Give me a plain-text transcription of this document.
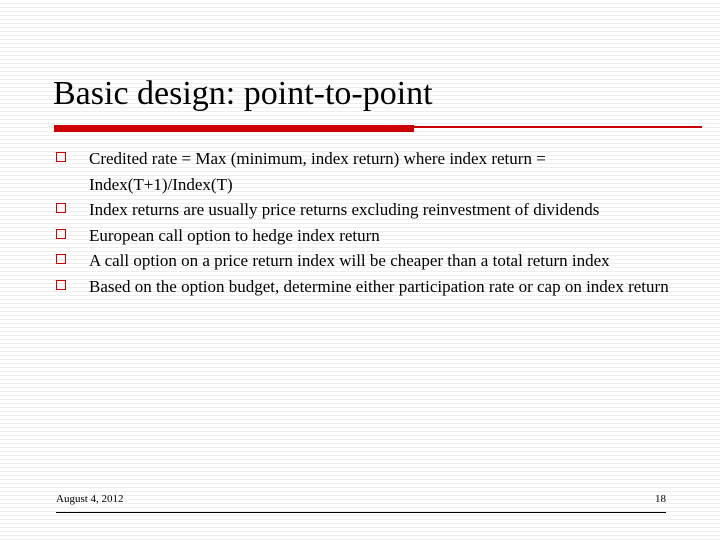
Basic design: point-to-point
Credited rate = Max (minimum, index return) where index return = Index(T+1)/Index(T)
Index returns are usually price returns excluding reinvestment of dividends
European call option to hedge index return
A call option on a price return index will be cheaper than a total return index
Based on the option budget, determine either participation rate or cap on index return
August 4, 2012	18
